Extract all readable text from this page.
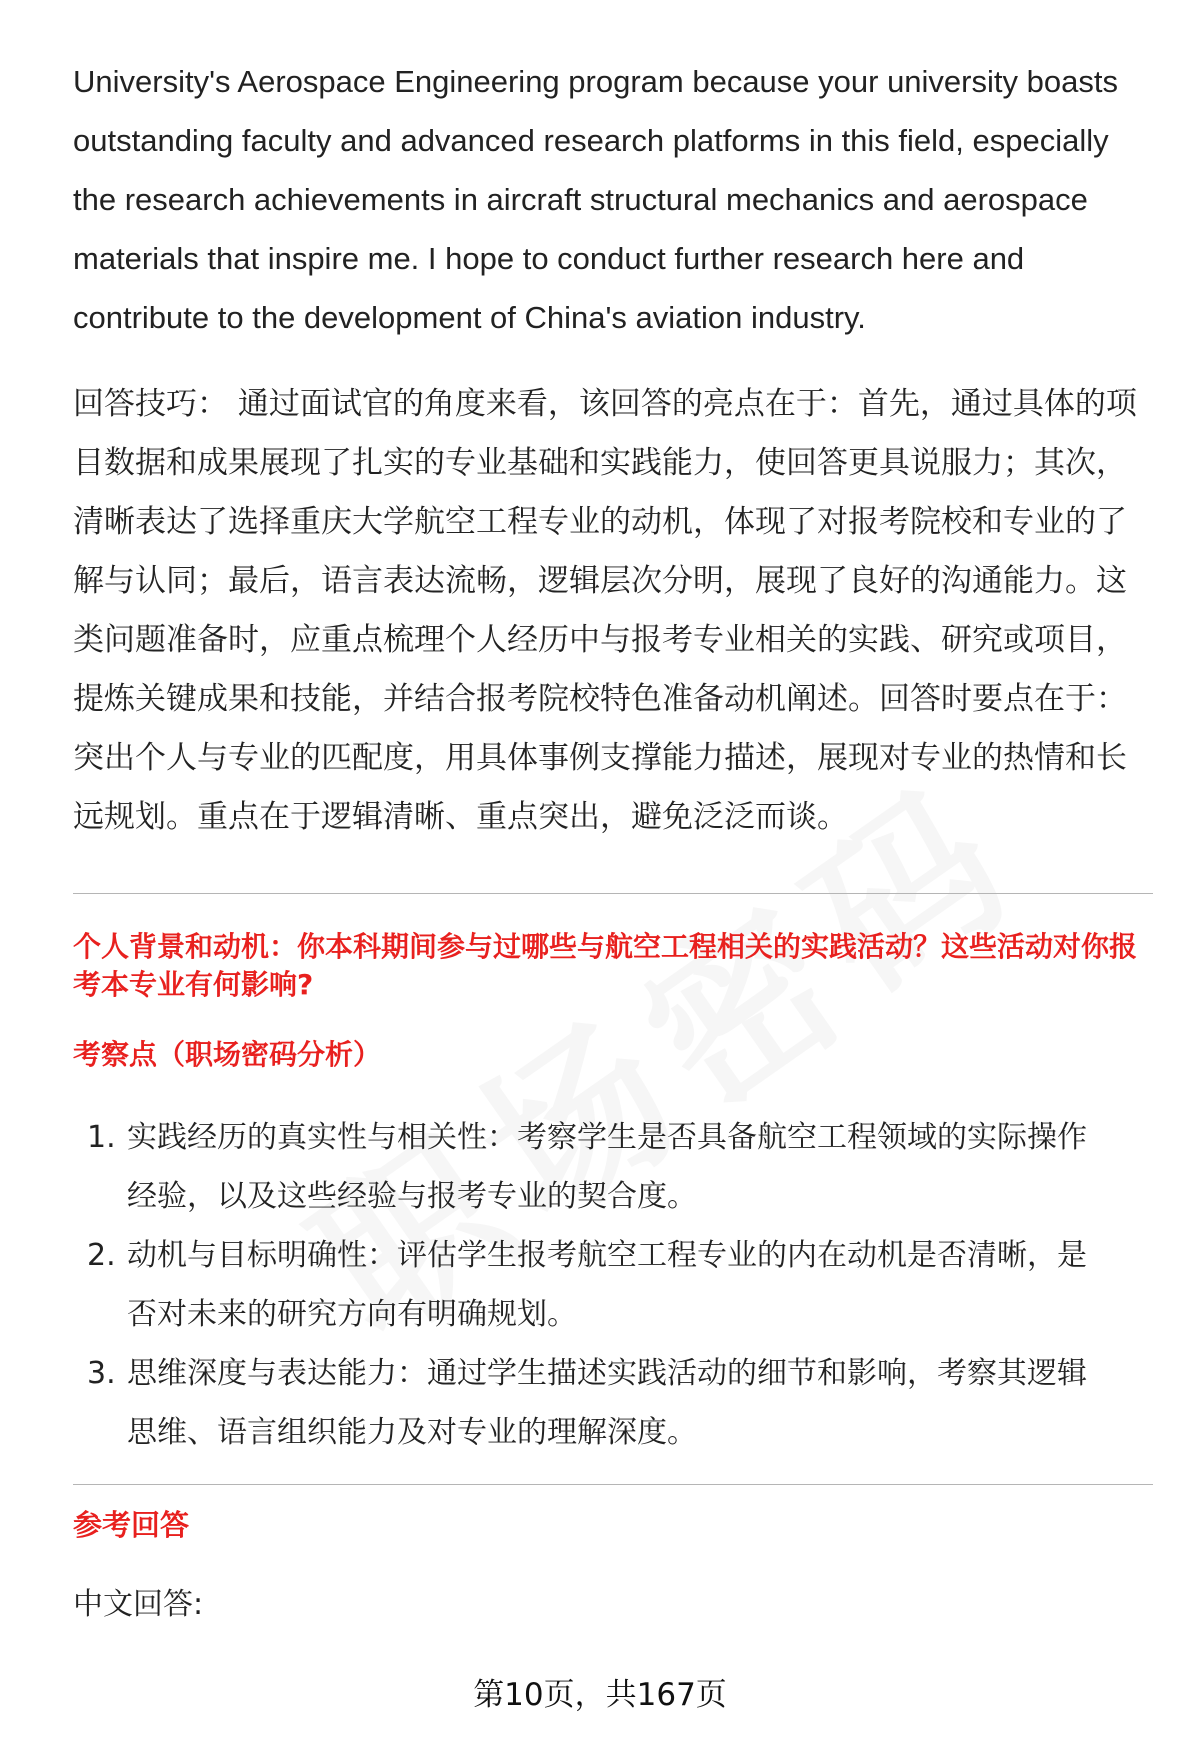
University's Aerospace Engineering program because your university boasts outstanding faculty and advanced research platforms in this field, especially the research achievements in aircraft structural mechanics and aerospace materials that inspire me. I hope to conduct further research here and contribute to the development of China's aviation industry.

回答技巧： 通过面试官的角度来看，该回答的亮点在于：首先，通过具体的项目数据和成果展现了扎实的专业基础和实践能力，使回答更具说服力；其次，清晰表达了选择重庆大学航空工程专业的动机，体现了对报考院校和专业的了解与认同；最后，语言表达流畅，逻辑层次分明，展现了良好的沟通能力。这类问题准备时，应重点梳理个人经历中与报考专业相关的实践、研究或项目，提炼关键成果和技能，并结合报考院校特色准备动机阐述。回答时要点在于：突出个人与专业的匹配度，用具体事例支撑能力描述，展现对专业的热情和长远规划。重点在于逻辑清晰、重点突出，避免泛泛而谈。

个人背景和动机：你本科期间参与过哪些与航空工程相关的实践活动？这些活动对你报考本专业有何影响?
考察点（职场密码分析）
1. 实践经历的真实性与相关性：考察学生是否具备航空工程领域的实际操作经验，以及这些经验与报考专业的契合度。
2. 动机与目标明确性：评估学生报考航空工程专业的内在动机是否清晰，是否对未来的研究方向有明确规划。
3. 思维深度与表达能力：通过学生描述实践活动的细节和影响，考察其逻辑思维、语言组织能力及对专业的理解深度。
参考回答

中文回答:

第10页，共167页
